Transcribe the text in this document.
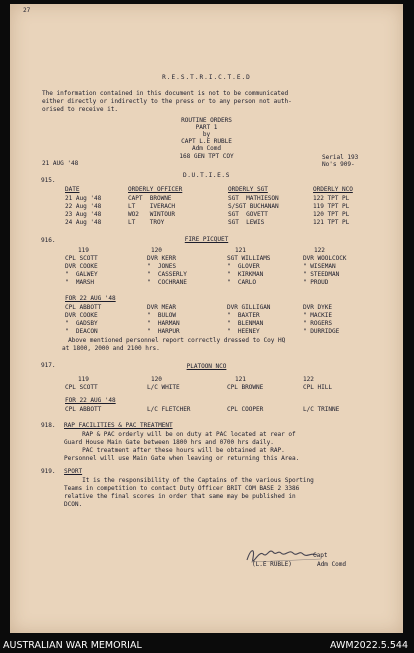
27
R.E.S.T.R.I.C.T.E.D
The information contained in this document is not to be communicated
either directly or indirectly to the press or to any person not auth-
orised to receive it.
ROUTINE ORDERS
PART 1
by
CAPT L.E RUBLE
Adm Comd
168 GEN TPT COY
21 AUG '48
Serial 193
No's 909-
915.
D.U.T.I.E.S
DATE	ORDERLY OFFICER	ORDERLY SGT	ORDERLY NCO
21 Aug '48	CAPT  BROWNE	SGT  MATHIESON	122 TPT PL
22 Aug '48	LT    IVERACH	S/SGT BUCHANAN	119 TPT PL
23 Aug '48	WO2   WINTOUR	SGT  GOVETT	120 TPT PL
24 Aug '48	LT    TROY	SGT  LEWIS	121 TPT PL
916.	FIRE PICQUET
119	120	121	122
CPL SCOTT	DVR KERR	SGT WILLIAMS	DVR WOOLCOCK
DVR COOKE	"  JONES	"  GLOVER	" WISEMAN
"  GALWEY	"  CASSERLY	"  KIRKMAN	" STEEDMAN
"  MARSH	"  COCHRANE	"  CARLO	" PROUD
FOR 22 AUG '48
CPL ABBOTT	DVR MEAR	DVR GILLIGAN	DVR DYKE
DVR COOKE	"  BULOW	"  BAXTER	" MACKIE
"  GADSBY	"  HARMAN	"  BLENMAN	" ROGERS
"  DEACON	"  HARPUR	"  HEENEY	" DURRIDGE
Above mentioned personnel report correctly dressed to Coy HQ
at 1800, 2000 and 2100 hrs.
917.	PLATOON NCO
119	120	121	122
CPL SCOTT	L/C WHITE	CPL BROWNE	CPL HILL
FOR 22 AUG '48
CPL ABBOTT	L/C FLETCHER	CPL COOPER	L/C TRINNE
918. RAP FACILITIES & PAC TREATMENT
RAP & PAC orderly will be on duty at PAC located at rear of
Guard House Main Gate between 1800 hrs and 0700 hrs daily.
PAC treatment after these hours will be obtained at RAP.
Personnel will use Main Gate when leaving or returning this Area.
919. SPORT
It is the responsibility of the Captains of the various Sporting
Teams in competition to contact Duty Officer BRIT COM BASE 2 3386
relative the final scores in order that same may be published in
DCON.
Capt
(L.E RUBLE)	Adm Comd
AUSTRALIAN WAR MEMORIAL	AWM2022.5.544
